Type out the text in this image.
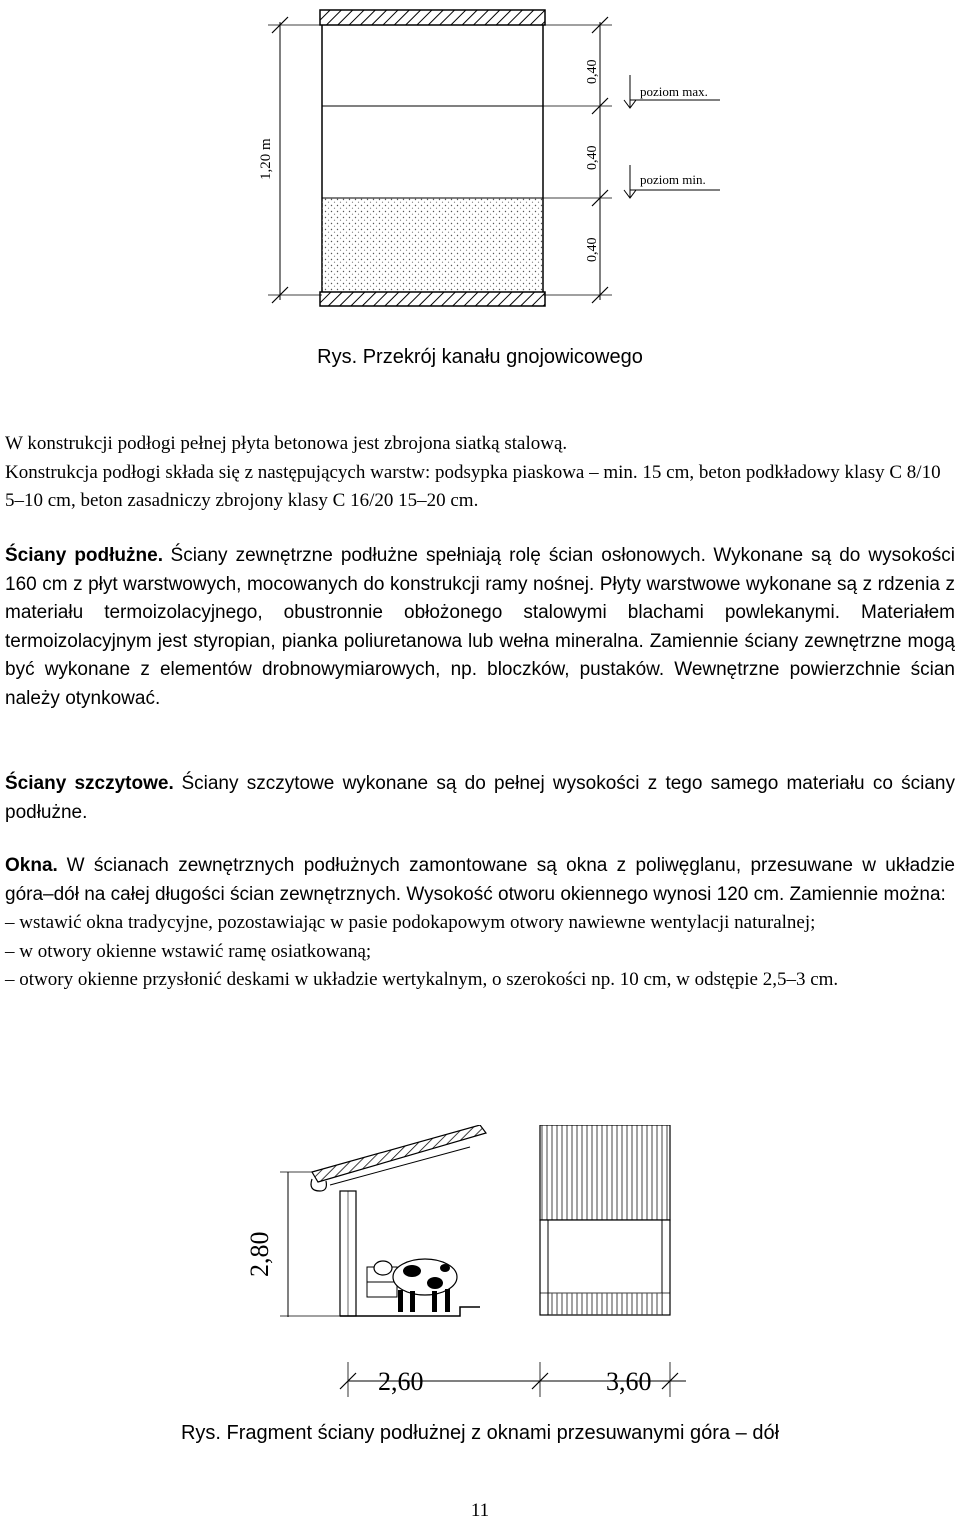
1,20 m
0,40
0,40
0,40
poziom max.
poziom min.
Rys. Przekrój kanału gnojowicowego
W konstrukcji podłogi pełnej płyta betonowa jest zbrojona siatką stalową.
Konstrukcja podłogi składa się z następujących warstw: podsypka piaskowa – min. 15 cm, beton podkładowy klasy C 8/10 5–10 cm, beton zasadniczy zbrojony klasy C 16/20 15–20 cm.
Ściany podłużne. Ściany zewnętrzne podłużne spełniają rolę ścian osłonowych. Wykonane są do wysokości 160 cm z płyt warstwowych, mocowanych do konstrukcji ramy nośnej. Płyty warstwowe wykonane są z rdzenia z materiału termoizolacyjnego, obustronnie obłożonego stalowymi blachami powlekanymi. Materiałem termoizolacyjnym jest styropian, pianka poliuretanowa lub wełna mineralna. Zamiennie ściany zewnętrzne mogą być wykonane z elementów drobnowymiarowych, np. bloczków, pustaków. Wewnętrzne powierzchnie ścian należy otynkować.
Ściany szczytowe. Ściany szczytowe wykonane są do pełnej wysokości z tego samego materiału co ściany podłużne.
Okna. W ścianach zewnętrznych podłużnych zamontowane są okna z poliwęglanu, przesuwane w układzie góra–dół na całej długości ścian zewnętrznych. Wysokość otworu okiennego wynosi 120 cm. Zamiennie można:
– wstawić okna tradycyjne, pozostawiając w pasie podokapowym otwory nawiewne wentylacji naturalnej;
– w otwory okienne wstawić ramę osiatkowaną;
– otwory okienne przysłonić deskami w układzie wertykalnym, o szerokości np. 10 cm, w odstępie 2,5–3 cm.
2,80
2,60	3,60
Rys. Fragment ściany podłużnej z oknami przesuwanymi góra – dół
11
